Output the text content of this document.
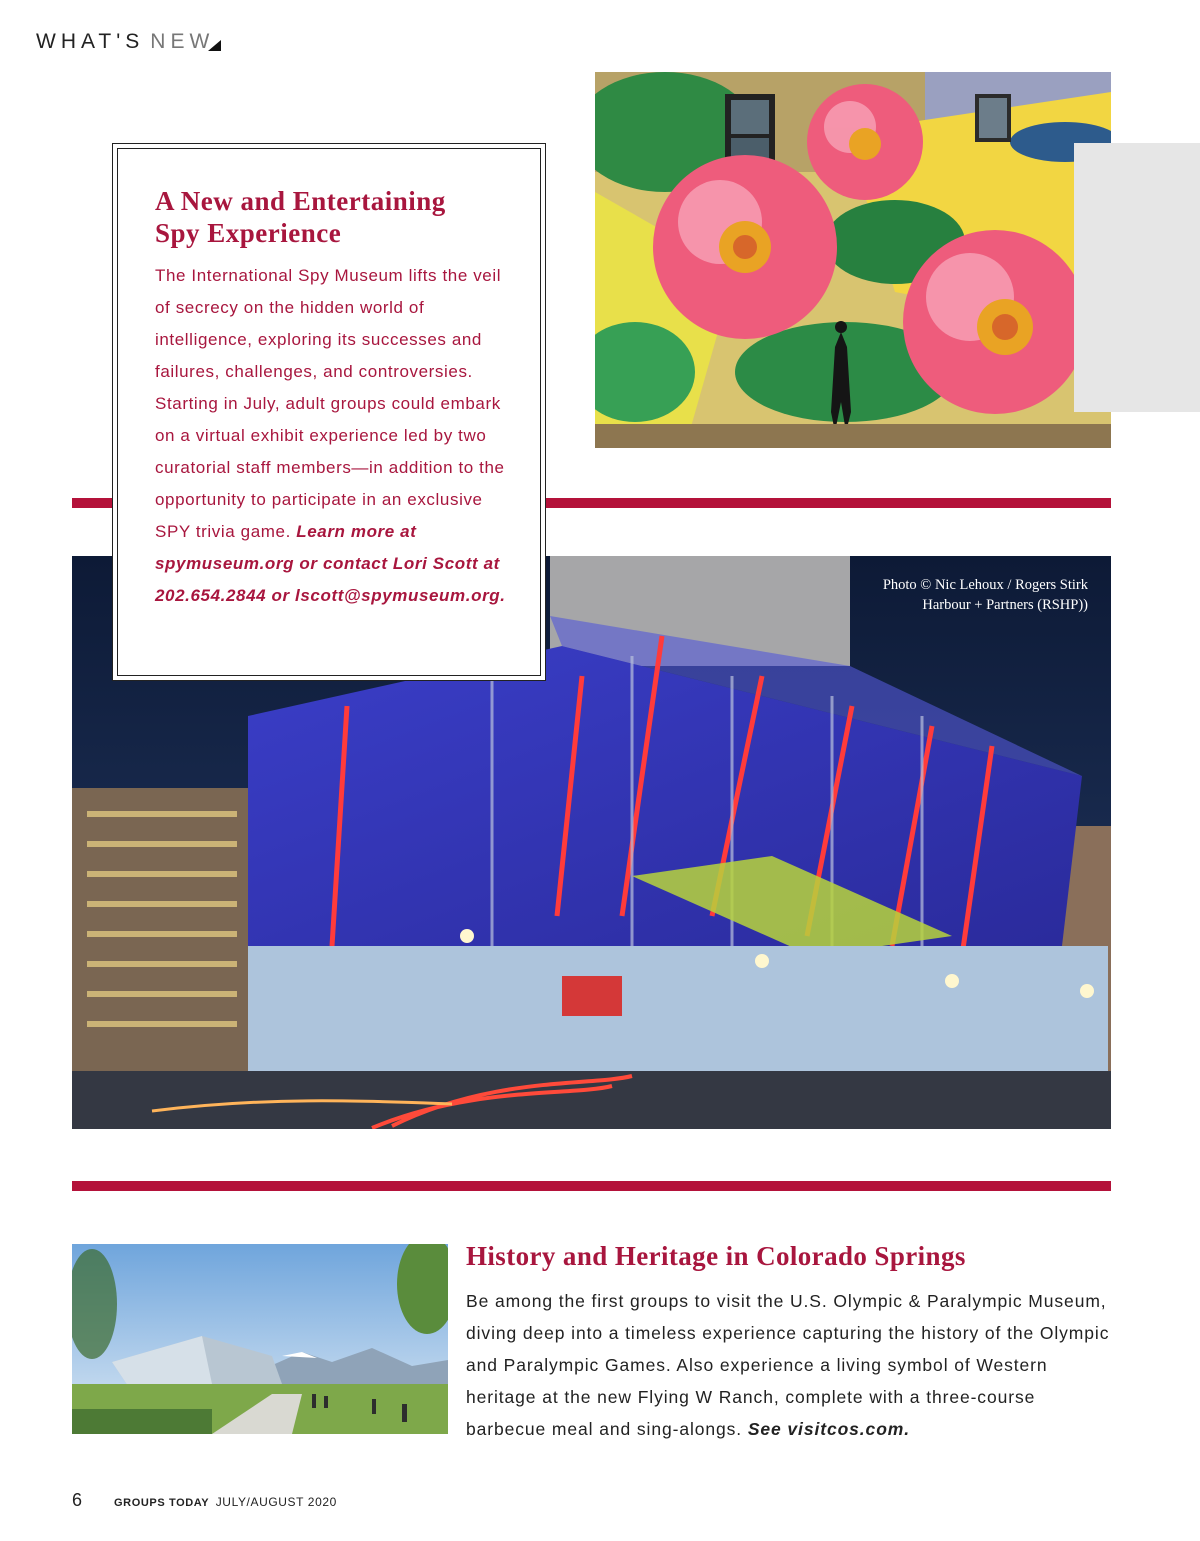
WHAT'S NEW
Photo © Nic Lehoux / Rogers Stirk Harbour + Partners (RSHP))
A New and Entertaining Spy Experience
The International Spy Museum lifts the veil of secrecy on the hidden world of intelligence, exploring its successes and failures, challenges, and controversies. Starting in July, adult groups could embark on a virtual exhibit experience led by two curatorial staff members—in addition to the opportunity to participate in an exclusive SPY trivia game. Learn more at spymuseum.org or contact Lori Scott at 202.654.2844 or lscott@spymuseum.org.
History and Heritage in Colorado Springs
Be among the first groups to visit the U.S. Olympic & Paralympic Museum, diving deep into a timeless experience capturing the history of the Olympic and Paralympic Games. Also experience a living symbol of Western heritage at the new Flying W Ranch, complete with a three-course barbecue meal and sing-alongs. See visitcos.com.
6	GROUPS TODAY JULY/AUGUST 2020
